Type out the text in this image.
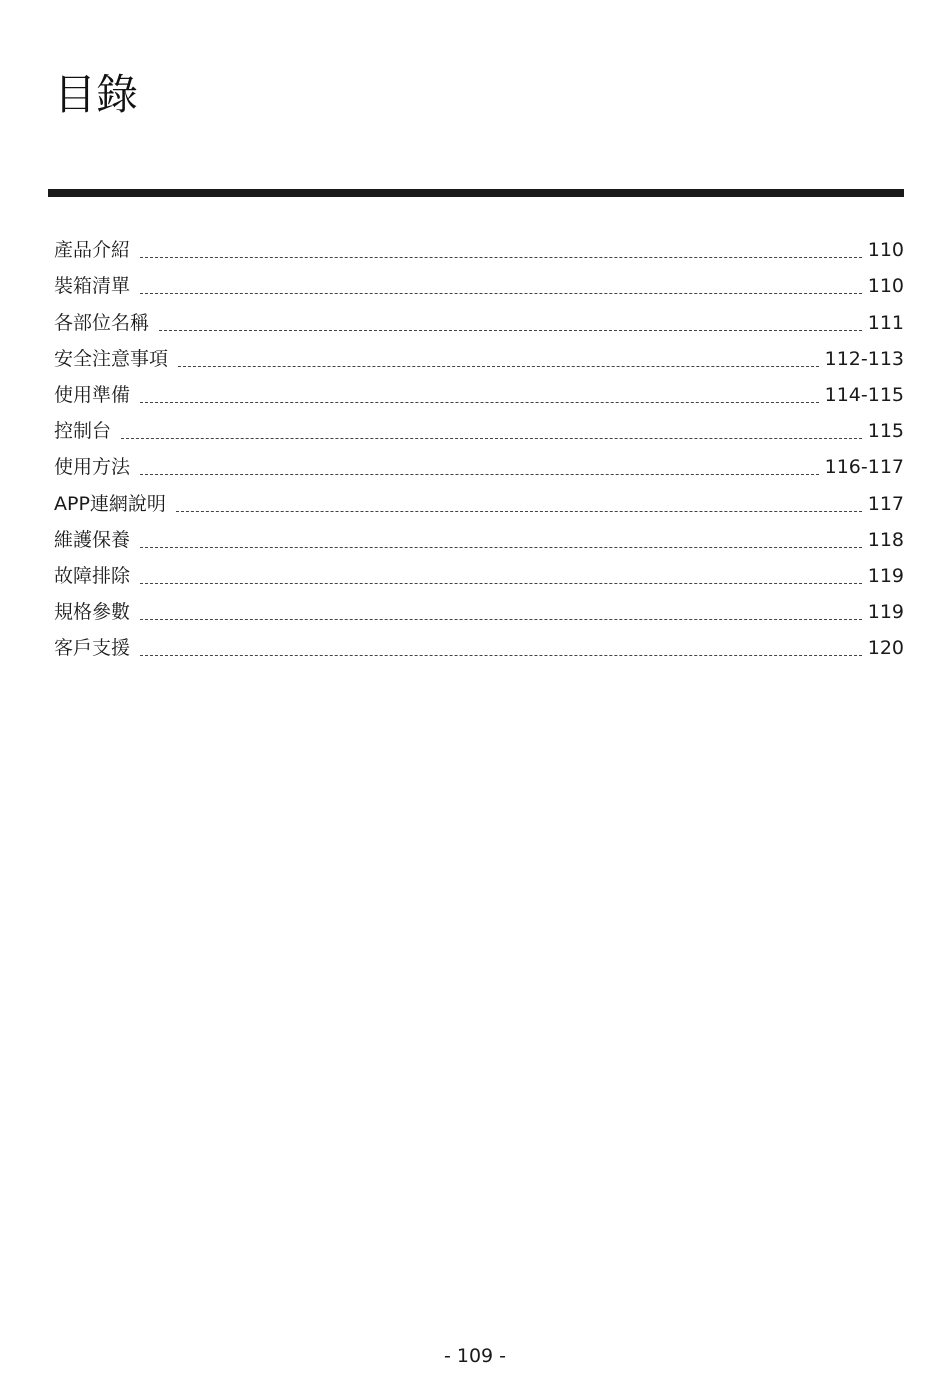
目錄
產品介紹	110
裝箱清單	110
各部位名稱	111
安全注意事項	112-113
使用準備	114-115
控制台	115
使用方法	116-117
APP連網說明	117
維護保養	118
故障排除	119
規格參數	119
客戶支援	120
- 109 -
